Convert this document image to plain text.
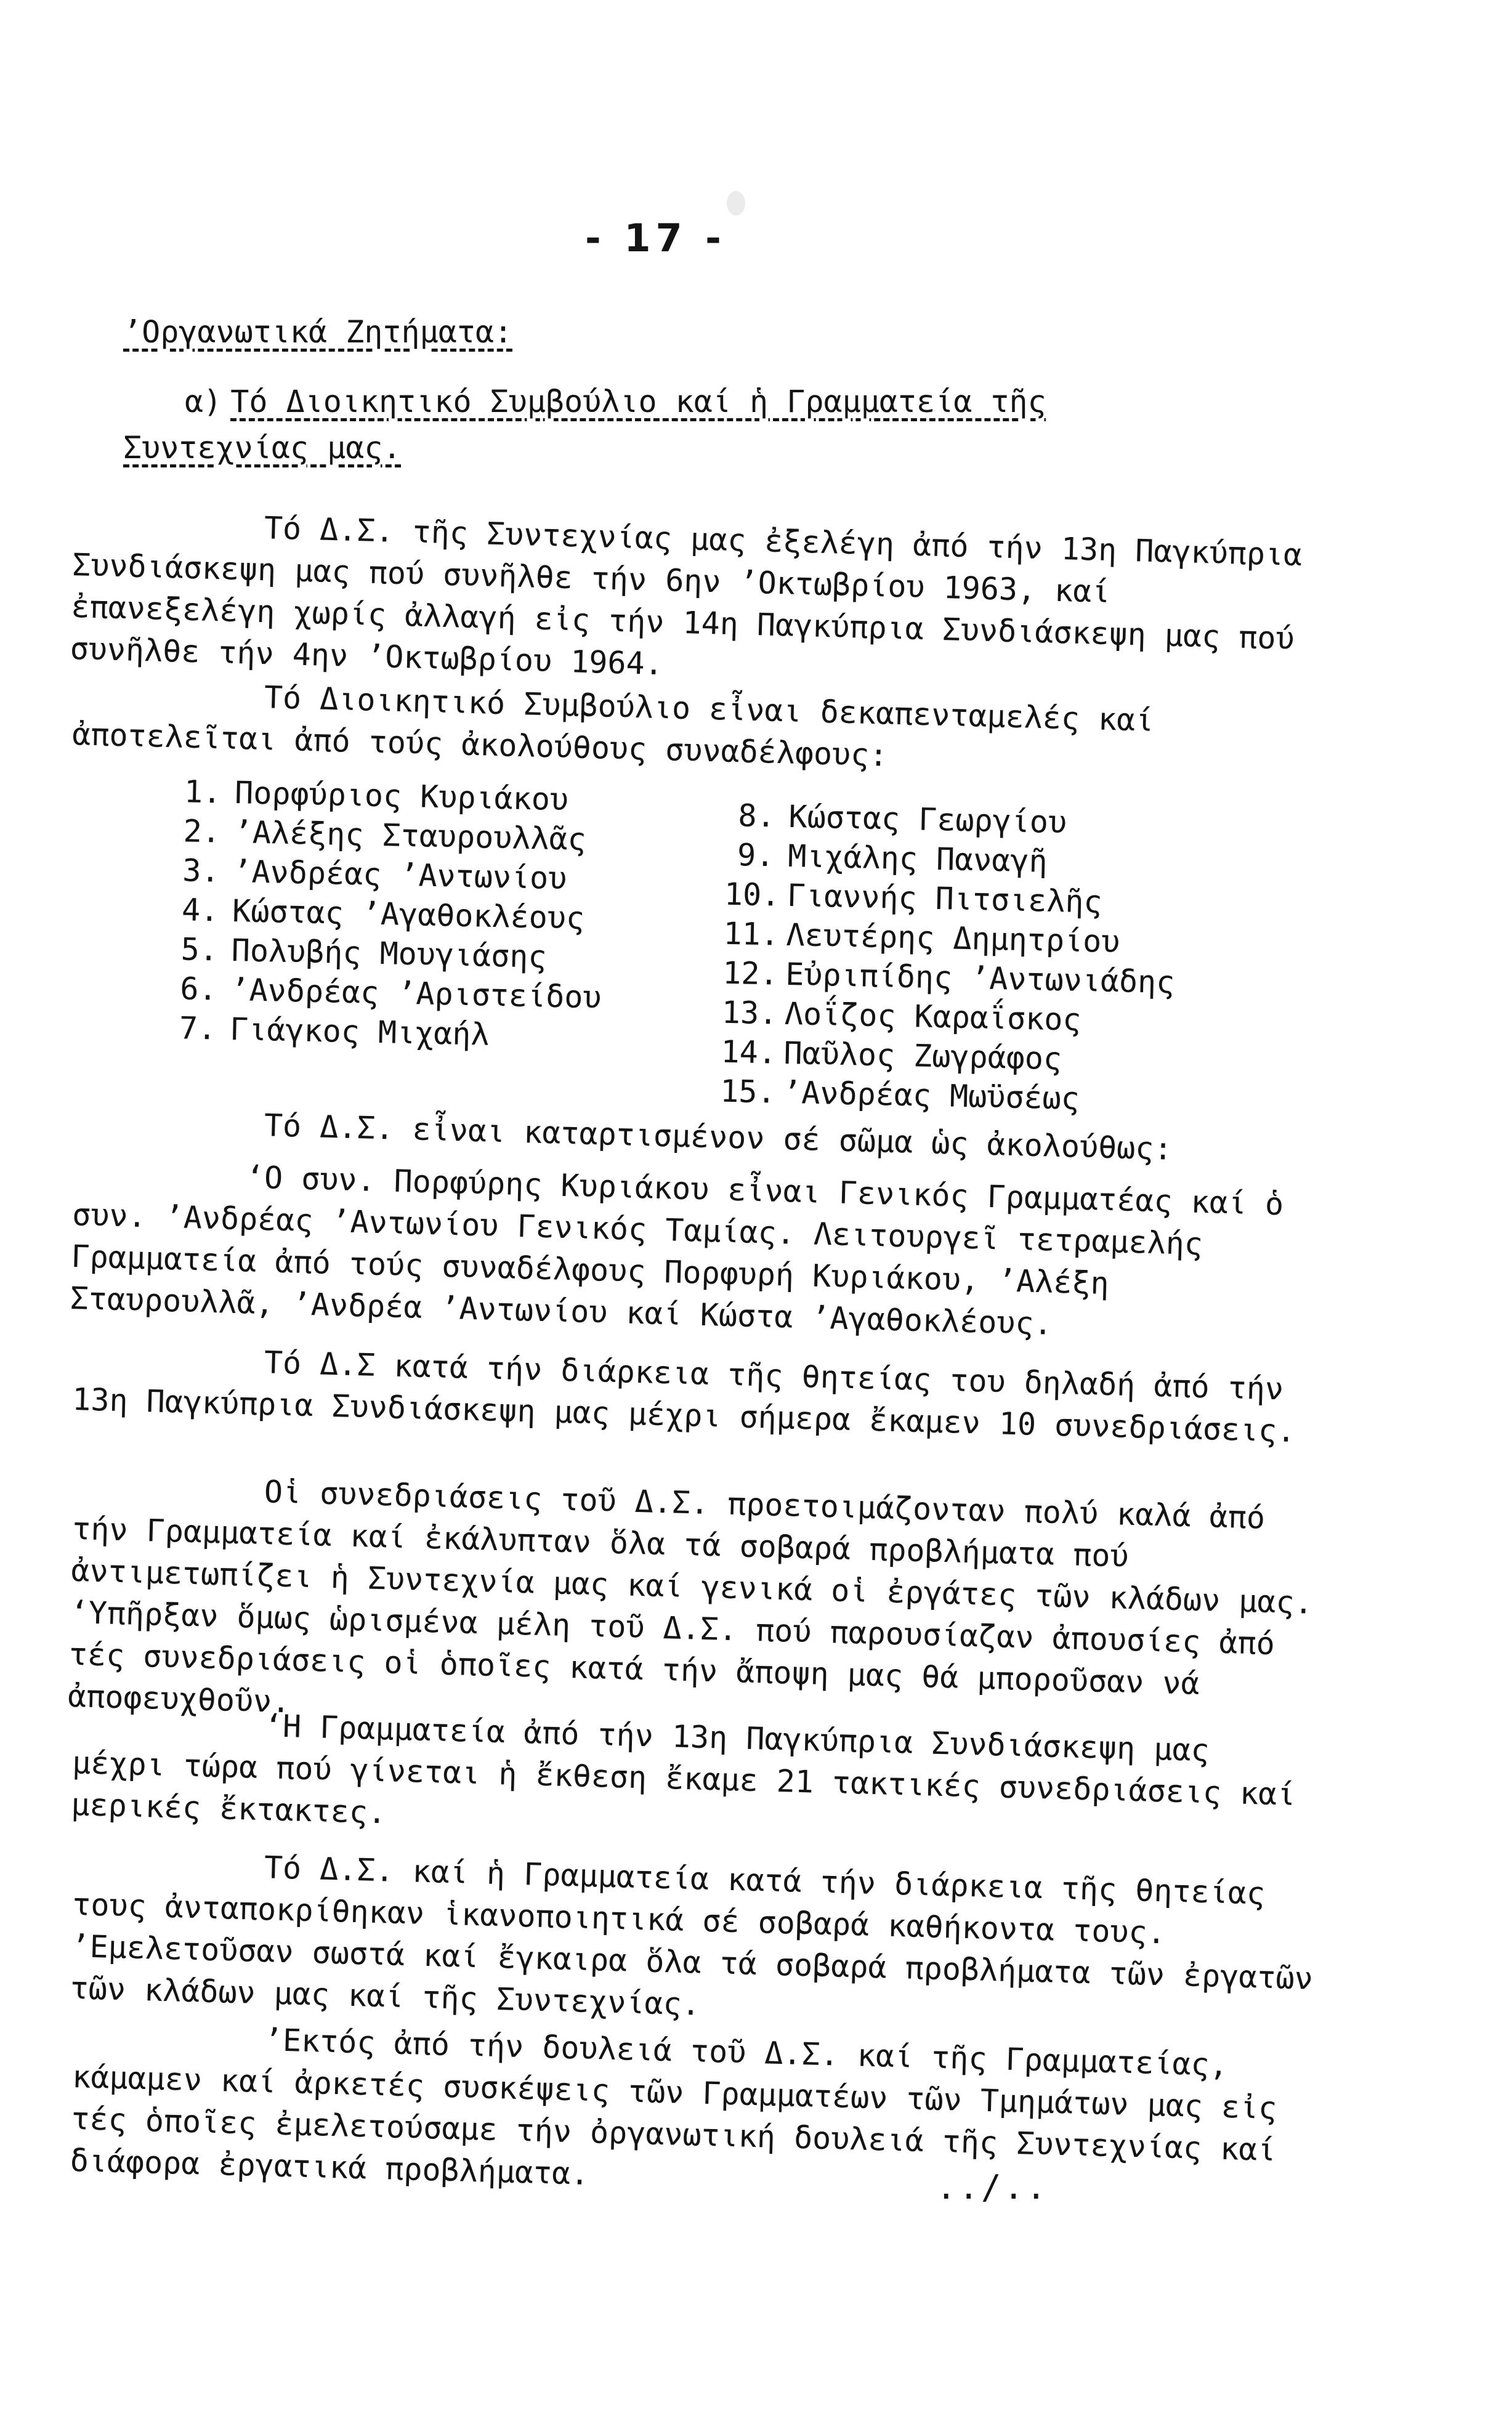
- 17 -
’Οργανωτικά Ζητήματα:
α) Τό Διοικητικό Συμβούλιο καί ἡ Γραμματεία τῆς Συντεχνίας μας.

Τό Δ.Σ. τῆς Συντεχνίας μας ἐξελέγη ἀπό τήν 13η Παγκύπρια Συνδιάσκεψη μας πού συνῆλθε τήν 6ην ’Οκτωβρίου 1963, καί ἐπανεξελέγη χωρίς ἀλλαγή εἰς τήν 14η Παγκύπρια Συνδιάσκεψη μας πού συνῆλθε τήν 4ην ’Οκτωβρίου 1964.

Τό Διοικητικό Συμβούλιο εἶναι δεκαπενταμελές καί ἀποτελεῖται ἀπό τούς ἀκολούθους συναδέλφους:

1. Πορφύριος Κυριάκου
2. ’Αλέξης Σταυρουλλᾶς
3. ’Ανδρέας ’Αντωνίου
4. Κώστας ’Αγαθοκλέους
5. Πολυβής Μουγιάσης
6. ’Ανδρέας ’Αριστείδου
7. Γιάγκος Μιχαήλ
8. Κώστας Γεωργίου
9. Μιχάλης Παναγῆ
10. Γιαννής Πιτσιελῆς
11. Λευτέρης Δημητρίου
12. Εὐριπίδης ’Αντωνιάδης
13. Λοΐζος Καραΐσκος
14. Παῦλος Ζωγράφος
15. ’Ανδρέας Μωϋσέως

Τό Δ.Σ. εἶναι καταρτισμένον σέ σῶμα ὡς ἀκολούθως:

‘Ο συν. Πορφύρης Κυριάκου εἶναι Γενικός Γραμματέας καί ὁ συν. ’Ανδρέας ’Αντωνίου Γενικός Ταμίας. Λειτουργεῖ τετραμελής Γραμματεία ἀπό τούς συναδέλφους Πορφυρή Κυριάκου, ’Αλέξη Σταυρουλλᾶ, ’Ανδρέα ’Αντωνίου καί Κώστα ’Αγαθοκλέους.

Τό Δ.Σ κατά τήν διάρκεια τῆς θητείας του δηλαδή ἀπό τήν 13η Παγκύπρια Συνδιάσκεψη μας μέχρι σήμερα ἔκαμεν 10 συνεδριάσεις.

Οἱ συνεδριάσεις τοῦ Δ.Σ. προετοιμάζονταν πολύ καλά ἀπό τήν Γραμματεία καί ἐκάλυπταν ὅλα τά σοβαρά προβλήματα πού ἀντιμετωπίζει ἡ Συντεχνία μας καί γενικά οἱ ἐργάτες τῶν κλάδων μας. ‘Υπῆρξαν ὅμως ὡρισμένα μέλη τοῦ Δ.Σ. πού παρουσίαζαν ἀπουσίες ἀπό τές συνεδριάσεις οἱ ὁποῖες κατά τήν ἄποψη μας θά μποροῦσαν νά ἀποφευχθοῦν.

‘Η Γραμματεία ἀπό τήν 13η Παγκύπρια Συνδιάσκεψη μας μέχρι τώρα πού γίνεται ἡ ἔκθεση ἔκαμε 21 τακτικές συνεδριάσεις καί μερικές ἔκτακτες.

Τό Δ.Σ. καί ἡ Γραμματεία κατά τήν διάρκεια τῆς θητείας τους ἀνταποκρίθηκαν ἱκανοποιητικά σέ σοβαρά καθήκοντα τους. ’Εμελετοῦσαν σωστά καί ἔγκαιρα ὅλα τά σοβαρά προβλήματα τῶν ἐργατῶν τῶν κλάδων μας καί τῆς Συντεχνίας.

’Εκτός ἀπό τήν δουλειά τοῦ Δ.Σ. καί τῆς Γραμματείας, κάμαμεν καί ἀρκετές συσκέψεις τῶν Γραμματέων τῶν Τμημάτων μας εἰς τές ὁποῖες ἐμελετούσαμε τήν ὀργανωτική δουλειά τῆς Συντεχνίας καί διάφορα ἐργατικά προβλήματα.	../..
